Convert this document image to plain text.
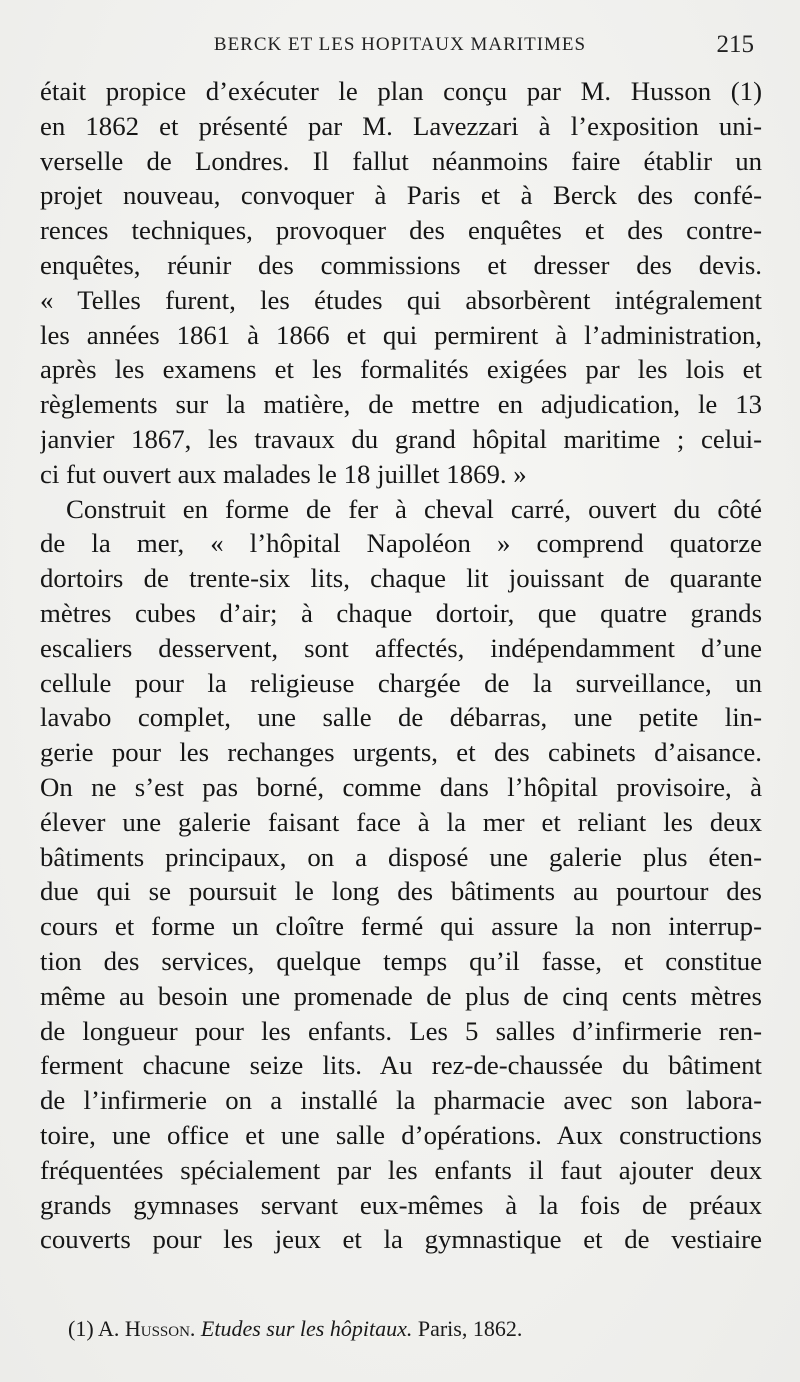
BERCK ET LES HOPITAUX MARITIMES	215
était propice d’exécuter le plan conçu par M. Husson (1)
en 1862 et présenté par M. Lavezzari à l’exposition uni-
verselle de Londres. Il fallut néanmoins faire établir un
projet nouveau, convoquer à Paris et à Berck des confé-
rences techniques, provoquer des enquêtes et des contre-
enquêtes, réunir des commissions et dresser des devis.
« Telles furent, les études qui absorbèrent intégralement
les années 1861 à 1866 et qui permirent à l’administration,
après les examens et les formalités exigées par les lois et
règlements sur la matière, de mettre en adjudication, le 13
janvier 1867, les travaux du grand hôpital maritime ; celui-
ci fut ouvert aux malades le 18 juillet 1869. »
Construit en forme de fer à cheval carré, ouvert du côté
de la mer, « l’hôpital Napoléon » comprend quatorze
dortoirs de trente-six lits, chaque lit jouissant de quarante
mètres cubes d’air; à chaque dortoir, que quatre grands
escaliers desservent, sont affectés, indépendamment d’une
cellule pour la religieuse chargée de la surveillance, un
lavabo complet, une salle de débarras, une petite lin-
gerie pour les rechanges urgents, et des cabinets d’aisance.
On ne s’est pas borné, comme dans l’hôpital provisoire, à
élever une galerie faisant face à la mer et reliant les deux
bâtiments principaux, on a disposé une galerie plus éten-
due qui se poursuit le long des bâtiments au pourtour des
cours et forme un cloître fermé qui assure la non interrup-
tion des services, quelque temps qu’il fasse, et constitue
même au besoin une promenade de plus de cinq cents mètres
de longueur pour les enfants. Les 5 salles d’infirmerie ren-
ferment chacune seize lits. Au rez-de-chaussée du bâtiment
de l’infirmerie on a installé la pharmacie avec son labora-
toire, une office et une salle d’opérations. Aux constructions
fréquentées spécialement par les enfants il faut ajouter deux
grands gymnases servant eux-mêmes à la fois de préaux
couverts pour les jeux et la gymnastique et de vestiaire
(1) A. Husson. Etudes sur les hôpitaux. Paris, 1862.
